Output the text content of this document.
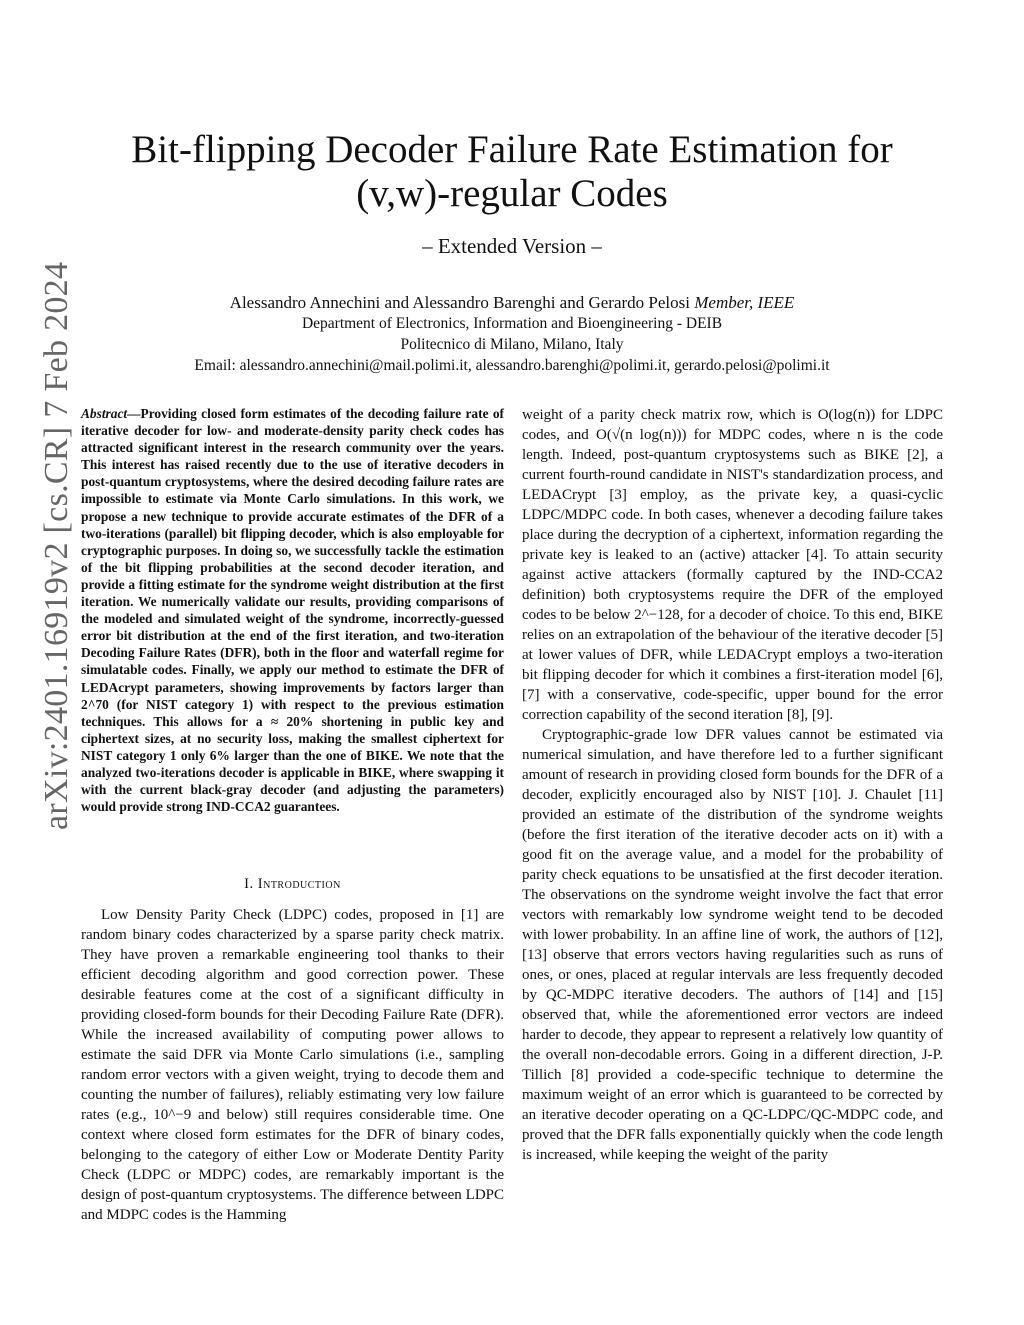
arXiv:2401.16919v2 [cs.CR] 7 Feb 2024
Bit-flipping Decoder Failure Rate Estimation for (v,w)-regular Codes
– Extended Version –
Alessandro Annechini and Alessandro Barenghi and Gerardo Pelosi Member, IEEE
Department of Electronics, Information and Bioengineering - DEIB
Politecnico di Milano, Milano, Italy
Email: alessandro.annechini@mail.polimi.it, alessandro.barenghi@polimi.it, gerardo.pelosi@polimi.it
Abstract—Providing closed form estimates of the decoding failure rate of iterative decoder for low- and moderate-density parity check codes has attracted significant interest in the research community over the years. This interest has raised recently due to the use of iterative decoders in post-quantum cryptosystems, where the desired decoding failure rates are impossible to estimate via Monte Carlo simulations. In this work, we propose a new technique to provide accurate estimates of the DFR of a two-iterations (parallel) bit flipping decoder, which is also employable for cryptographic purposes. In doing so, we successfully tackle the estimation of the bit flipping probabilities at the second decoder iteration, and provide a fitting estimate for the syndrome weight distribution at the first iteration. We numerically validate our results, providing comparisons of the modeled and simulated weight of the syndrome, incorrectly-guessed error bit distribution at the end of the first iteration, and two-iteration Decoding Failure Rates (DFR), both in the floor and waterfall regime for simulatable codes. Finally, we apply our method to estimate the DFR of LEDAcrypt parameters, showing improvements by factors larger than 2^70 (for NIST category 1) with respect to the previous estimation techniques. This allows for a ≈ 20% shortening in public key and ciphertext sizes, at no security loss, making the smallest ciphertext for NIST category 1 only 6% larger than the one of BIKE. We note that the analyzed two-iterations decoder is applicable in BIKE, where swapping it with the current black-gray decoder (and adjusting the parameters) would provide strong IND-CCA2 guarantees.
I. Introduction

Low Density Parity Check (LDPC) codes, proposed in [1] are random binary codes characterized by a sparse parity check matrix. They have proven a remarkable engineering tool thanks to their efficient decoding algorithm and good correction power. These desirable features come at the cost of a significant difficulty in providing closed-form bounds for their Decoding Failure Rate (DFR). While the increased availability of computing power allows to estimate the said DFR via Monte Carlo simulations (i.e., sampling random error vectors with a given weight, trying to decode them and counting the number of failures), reliably estimating very low failure rates (e.g., 10^−9 and below) still requires considerable time. One context where closed form estimates for the DFR of binary codes, belonging to the category of either Low or Moderate Dentity Parity Check (LDPC or MDPC) codes, are remarkably important is the design of post-quantum cryptosystems. The difference between LDPC and MDPC codes is the Hamming

weight of a parity check matrix row, which is O(log(n)) for LDPC codes, and O(√(n log(n))) for MDPC codes, where n is the code length. Indeed, post-quantum cryptosystems such as BIKE [2], a current fourth-round candidate in NIST's standardization process, and LEDACrypt [3] employ, as the private key, a quasi-cyclic LDPC/MDPC code. In both cases, whenever a decoding failure takes place during the decryption of a ciphertext, information regarding the private key is leaked to an (active) attacker [4]. To attain security against active attackers (formally captured by the IND-CCA2 definition) both cryptosystems require the DFR of the employed codes to be below 2^−128, for a decoder of choice. To this end, BIKE relies on an extrapolation of the behaviour of the iterative decoder [5] at lower values of DFR, while LEDACrypt employs a two-iteration bit flipping decoder for which it combines a first-iteration model [6], [7] with a conservative, code-specific, upper bound for the error correction capability of the second iteration [8], [9].

Cryptographic-grade low DFR values cannot be estimated via numerical simulation, and have therefore led to a further significant amount of research in providing closed form bounds for the DFR of a decoder, explicitly encouraged also by NIST [10]. J. Chaulet [11] provided an estimate of the distribution of the syndrome weights (before the first iteration of the iterative decoder acts on it) with a good fit on the average value, and a model for the probability of parity check equations to be unsatisfied at the first decoder iteration. The observations on the syndrome weight involve the fact that error vectors with remarkably low syndrome weight tend to be decoded with lower probability. In an affine line of work, the authors of [12], [13] observe that errors vectors having regularities such as runs of ones, or ones, placed at regular intervals are less frequently decoded by QC-MDPC iterative decoders. The authors of [14] and [15] observed that, while the aforementioned error vectors are indeed harder to decode, they appear to represent a relatively low quantity of the overall non-decodable errors. Going in a different direction, J-P. Tillich [8] provided a code-specific technique to determine the maximum weight of an error which is guaranteed to be corrected by an iterative decoder operating on a QC-LDPC/QC-MDPC code, and proved that the DFR falls exponentially quickly when the code length is increased, while keeping the weight of the parity
